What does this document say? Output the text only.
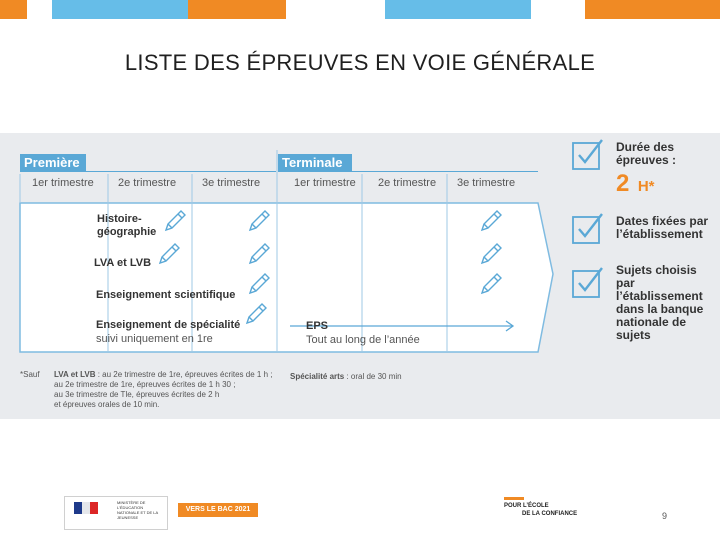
LISTE DES ÉPREUVES EN VOIE GÉNÉRALE
Première	Terminale
1er trimestre 2e trimestre 3e trimestre	1er trimestre 2e trimestre 3e trimestre
Histoire-
géographie
LVA et LVB
Enseignement scientifique
Enseignement de spécialité
suivi uniquement en 1re
EPS
Tout au long de l’année
*Sauf LVA et LVB : au 2e trimestre de 1re, épreuves écrites de 1 h ;
au 2e trimestre de 1re, épreuves écrites de 1 h 30 ;
au 3e trimestre de Tle, épreuves écrites de 2 h
et épreuves orales de 10 min.
Spécialité arts : oral de 30 min
Durée des épreuves :
2 H*
Dates fixées par l’établissement
Sujets choisis par l’établissement dans la banque nationale de sujets
MINISTÈRE DE L’ÉDUCATION NATIONALE ET DE LA JEUNESSE
VERS LE BAC 2021	POUR L’ÉCOLE
DE LA CONFIANCE	9
